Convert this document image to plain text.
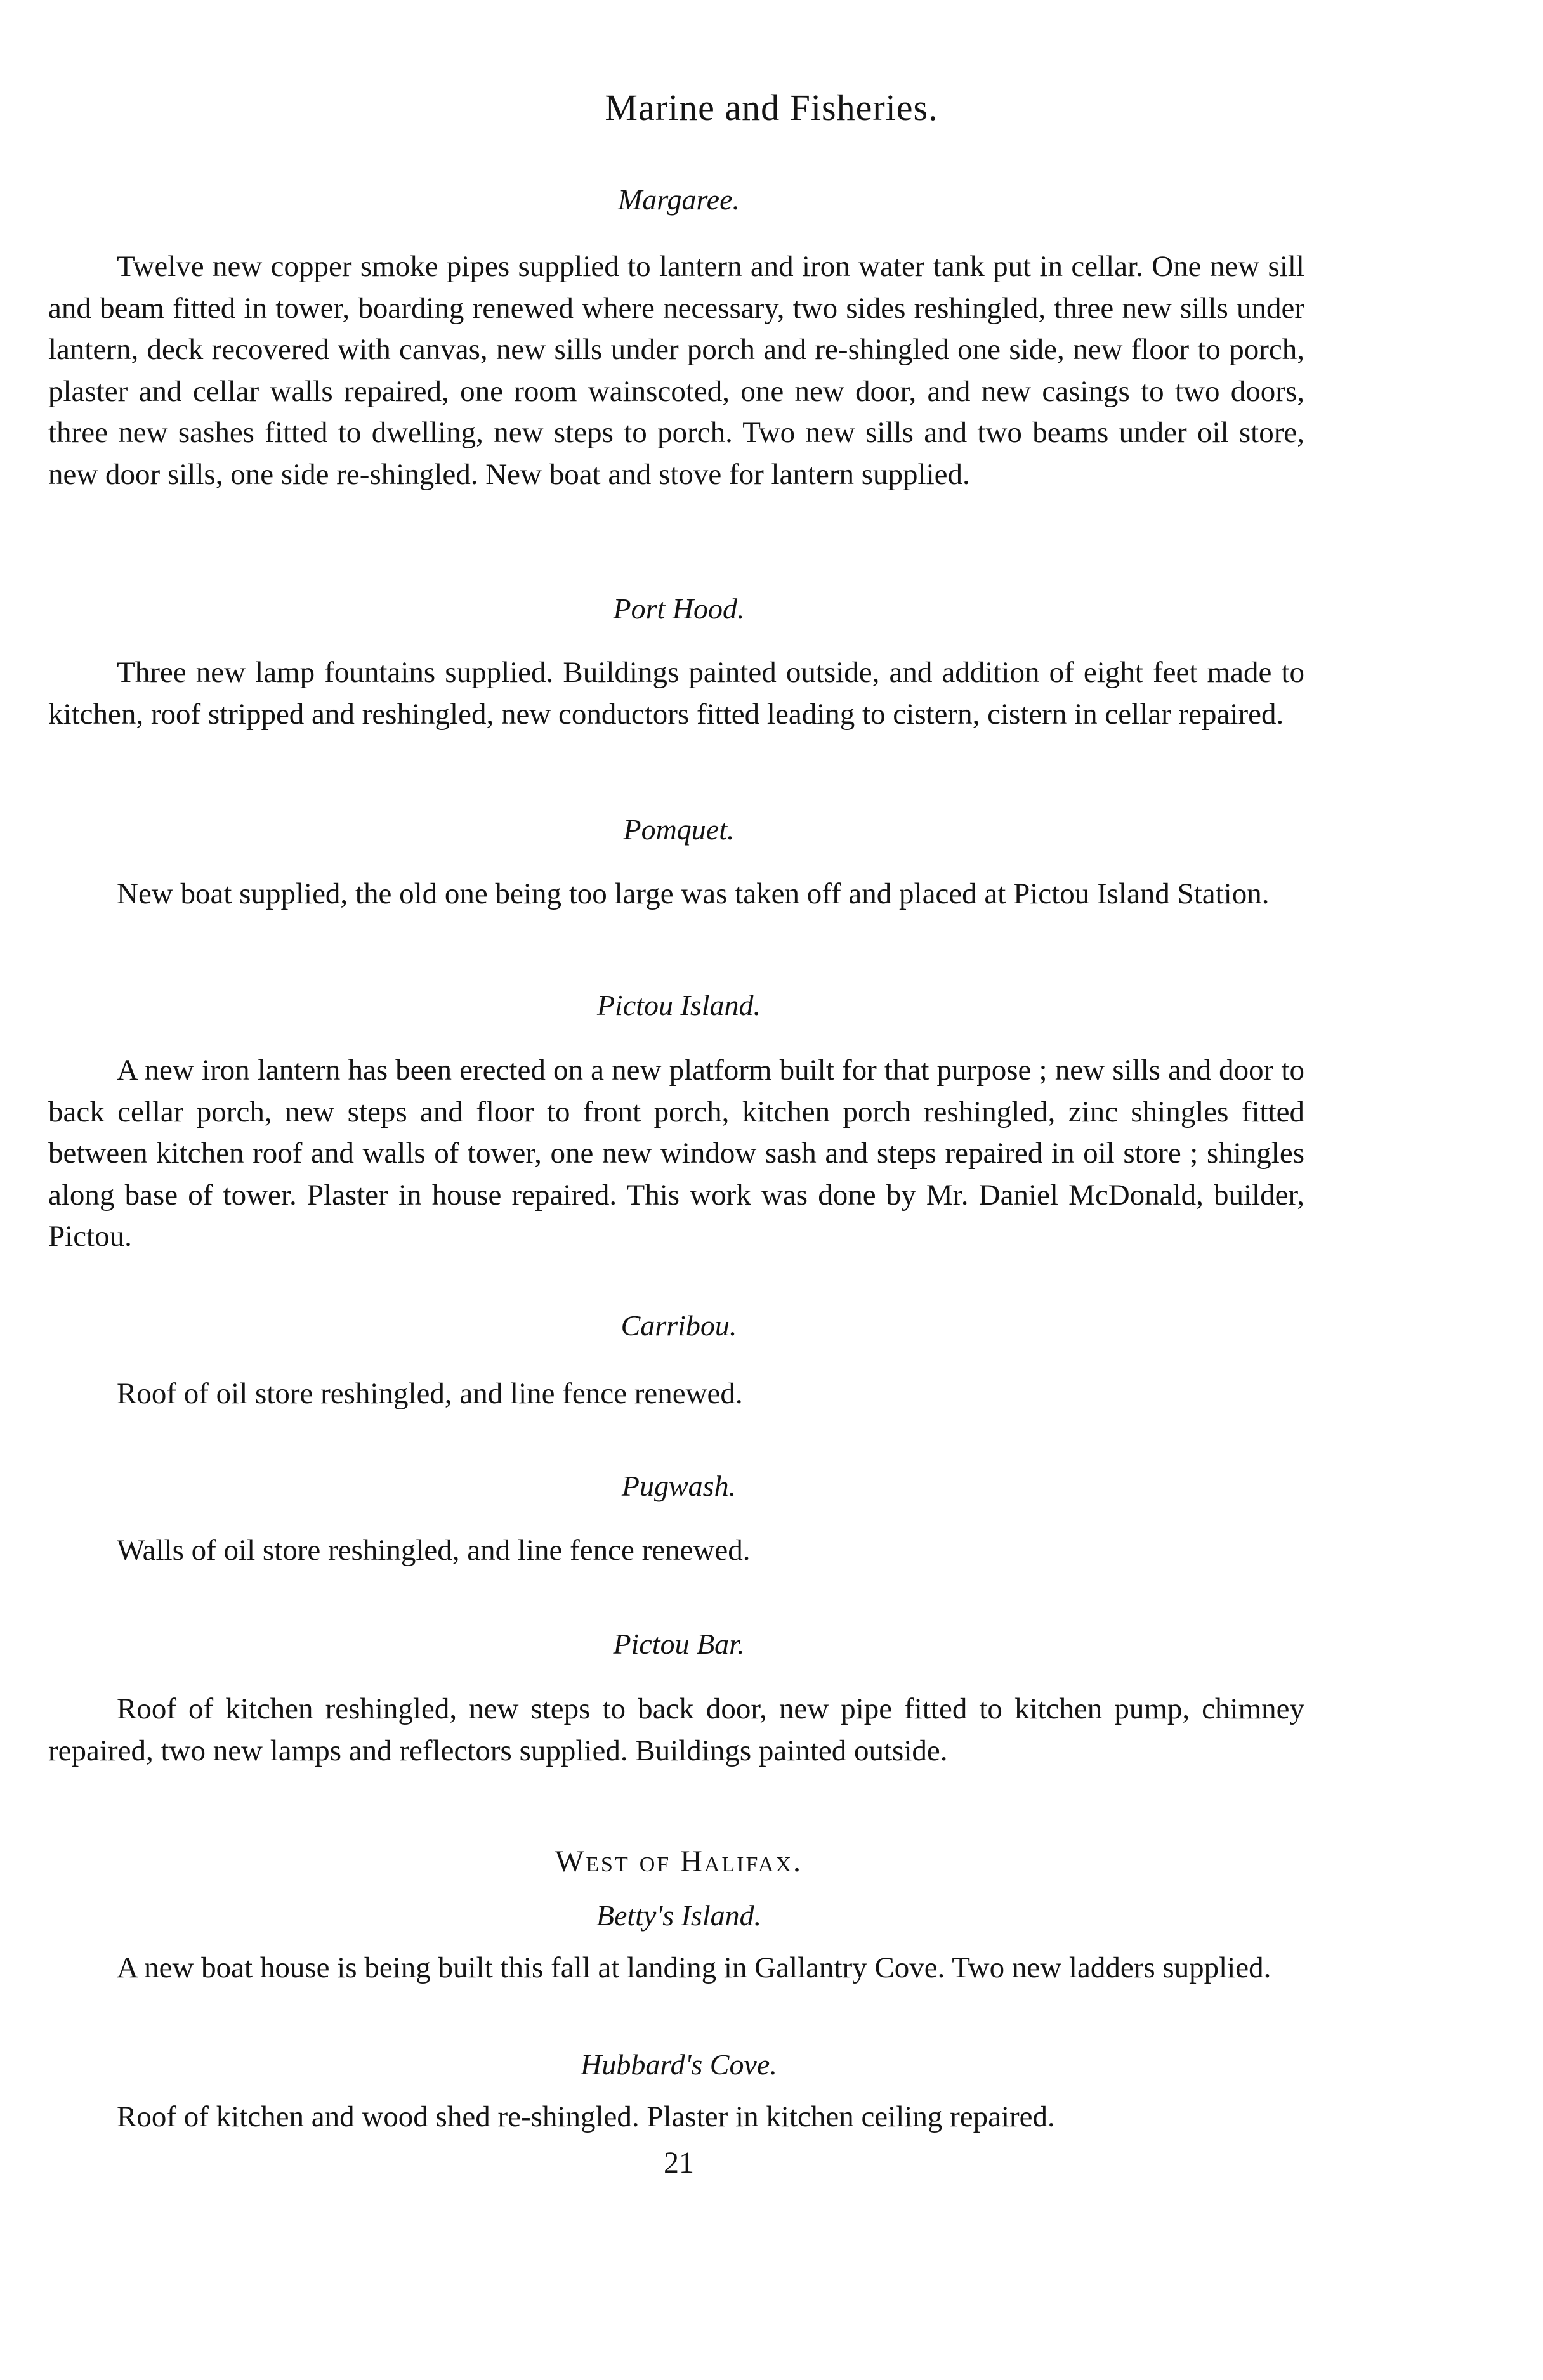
Marine and Fisheries.
Margaree.

Twelve new copper smoke pipes supplied to lantern and iron water tank put in cellar. One new sill and beam fitted in tower, boarding renewed where necessary, two sides reshingled, three new sills under lantern, deck recovered with canvas, new sills under porch and re-shingled one side, new floor to porch, plaster and cellar walls repaired, one room wainscoted, one new door, and new casings to two doors, three new sashes fitted to dwelling, new steps to porch. Two new sills and two beams under oil store, new door sills, one side re-shingled. New boat and stove for lantern supplied.

Port Hood.

Three new lamp fountains supplied. Buildings painted outside, and addition of eight feet made to kitchen, roof stripped and reshingled, new conductors fitted leading to cistern, cistern in cellar repaired.

Pomquet.

New boat supplied, the old one being too large was taken off and placed at Pictou Island Station.

Pictou Island.

A new iron lantern has been erected on a new platform built for that purpose ; new sills and door to back cellar porch, new steps and floor to front porch, kitchen porch reshingled, zinc shingles fitted between kitchen roof and walls of tower, one new window sash and steps repaired in oil store ; shingles along base of tower. Plaster in house repaired. This work was done by Mr. Daniel McDonald, builder, Pictou.

Carribou.

Roof of oil store reshingled, and line fence renewed.

Pugwash.

Walls of oil store reshingled, and line fence renewed.

Pictou Bar.

Roof of kitchen reshingled, new steps to back door, new pipe fitted to kitchen pump, chimney repaired, two new lamps and reflectors supplied. Buildings painted outside.

West of Halifax.
Betty's Island.

A new boat house is being built this fall at landing in Gallantry Cove. Two new ladders supplied.

Hubbard's Cove.

Roof of kitchen and wood shed re-shingled. Plaster in kitchen ceiling repaired.

21
